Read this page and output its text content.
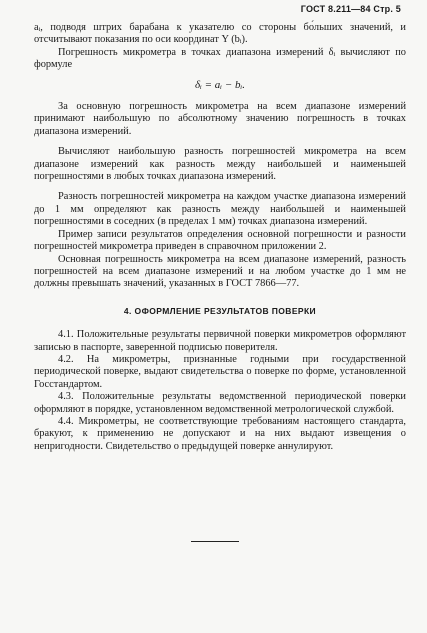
ГОСТ 8.211—84 Стр. 5

aᵢ, подводя штрих барабана к указателю со стороны бо́льших значений, и отсчитывают показания по оси координат Y (bᵢ).

Погрешность микрометра в точках диапазона измерений δᵢ вычисляют по формуле

δᵢ = aᵢ − bᵢ.

За основную погрешность микрометра на всем диапазоне измерений принимают наибольшую по абсолютному значению погрешность в точках диапазона измерений.

Вычисляют наибольшую разность погрешностей микрометра на всем диапазоне измерений как разность между наибольшей и наименьшей погрешностями в любых точках диапазона измерений.

Разность погрешностей микрометра на каждом участке диапазона измерений до 1 мм определяют как разность между наибольшей и наименьшей погрешностями в соседних (в пределах 1 мм) точках диапазона измерений.

Пример записи результатов определения основной погрешности и разности погрешностей микрометра приведен в справочном приложении 2.

Основная погрешность микрометра на всем диапазоне измерений, разность погрешностей на всем диапазоне измерений и на любом участке до 1 мм не должны превышать значений, указанных в ГОСТ 7866—77.

4. ОФОРМЛЕНИЕ РЕЗУЛЬТАТОВ ПОВЕРКИ

4.1. Положительные результаты первичной поверки микрометров оформляют записью в паспорте, заверенной подписью поверителя.

4.2. На микрометры, признанные годными при государственной периодической поверке, выдают свидетельства о поверке по форме, установленной Госстандартом.

4.3. Положительные результаты ведомственной периодической поверки оформляют в порядке, установленном ведомственной метрологической службой.

4.4. Микрометры, не соответствующие требованиям настоящего стандарта, бракуют, к применению не допускают и на них выдают извещения о непригодности. Свидетельство о предыдущей поверке аннулируют.
